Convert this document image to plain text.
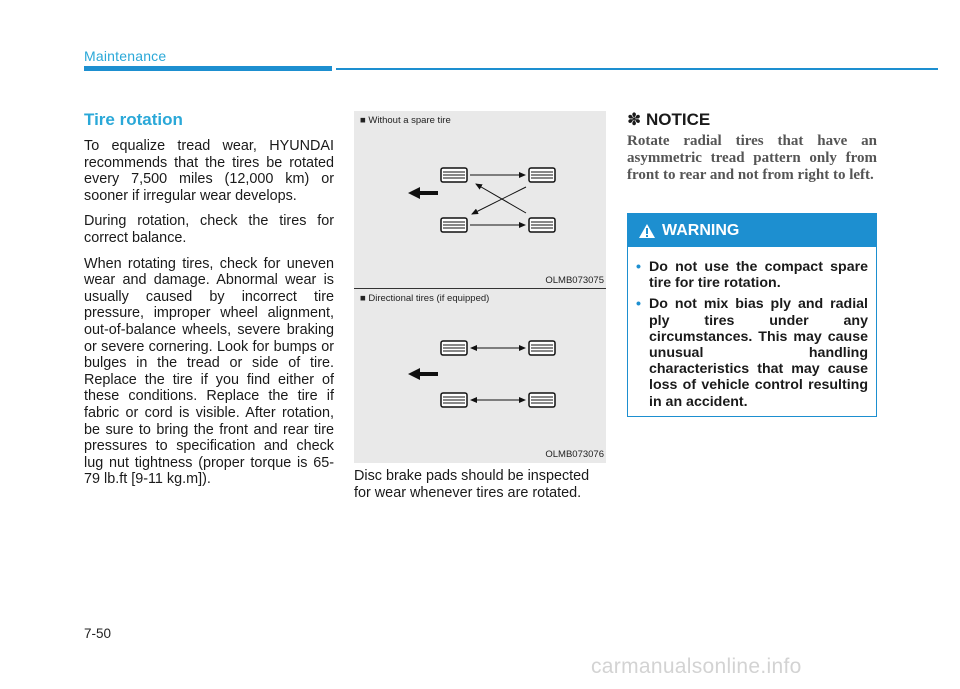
Maintenance
Tire rotation

To equalize tread wear, HYUNDAI recommends that the tires be rotated every 7,500 miles (12,000 km) or sooner if irregular wear develops.

During rotation, check the tires for correct balance.

When rotating tires, check for uneven wear and damage. Abnormal wear is usually caused by incorrect tire pressure, improper wheel alignment, out-of-balance wheels, severe braking or severe cornering. Look for bumps or bulges in the tread or side of tire. Replace the tire if you find either of these conditions. Replace the tire if fabric or cord is visible. After rotation, be sure to bring the front and rear tire pressures to specification and check lug nut tightness (proper torque is 65-79 lb.ft [9-11 kg.m]).

■ Without a spare tire
OLMB073075
■ Directional tires (if equipped)
OLMB073076
Disc brake pads should be inspected for wear whenever tires are rotated.
✽ NOTICE
Rotate radial tires that have an asymmetric tread pattern only from front to rear and not from right to left.
WARNING
• Do not use the compact spare tire for tire rotation.
• Do not mix bias ply and radial ply tires under any circumstances. This may cause unusual handling characteristics that may cause loss of vehicle control resulting in an accident.
7-50
carmanualsonline.info
